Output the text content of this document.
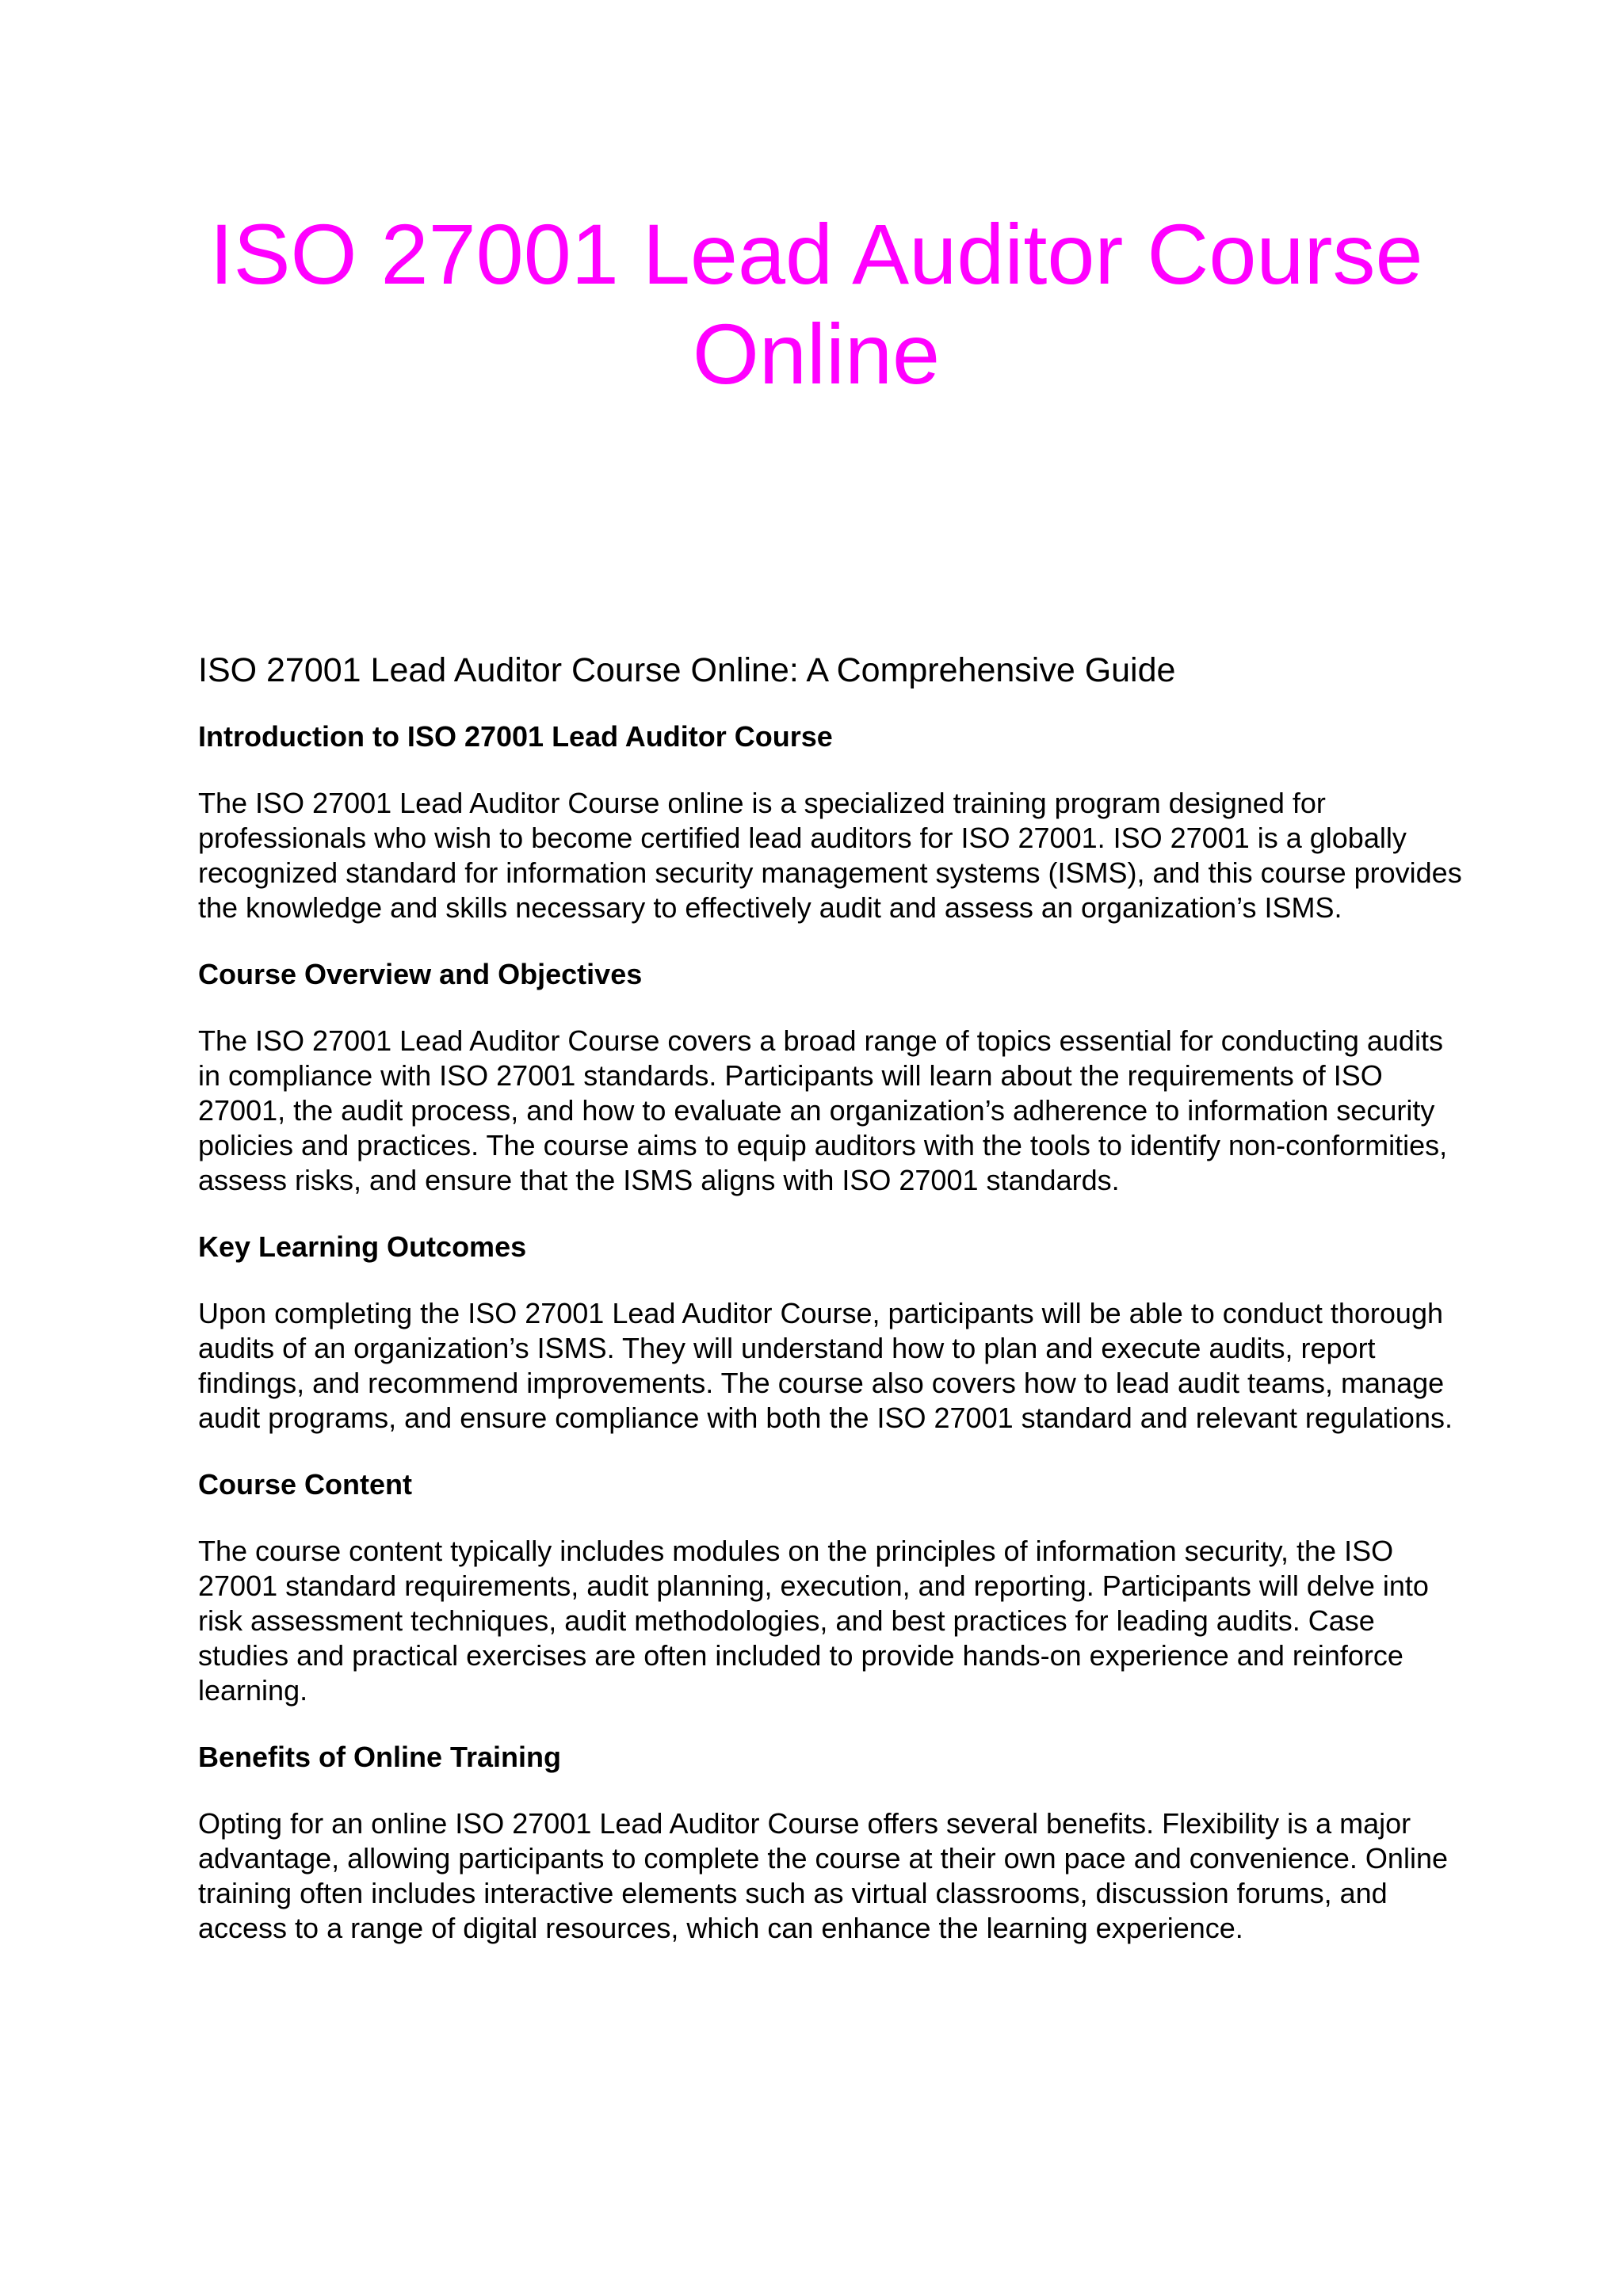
ISO 27001 Lead Auditor Course Online
ISO 27001 Lead Auditor Course Online: A Comprehensive Guide
Introduction to ISO 27001 Lead Auditor Course

The ISO 27001 Lead Auditor Course online is a specialized training program designed for professionals who wish to become certified lead auditors for ISO 27001. ISO 27001 is a globally recognized standard for information security management systems (ISMS), and this course provides the knowledge and skills necessary to effectively audit and assess an organization’s ISMS.

Course Overview and Objectives

The ISO 27001 Lead Auditor Course covers a broad range of topics essential for conducting audits in compliance with ISO 27001 standards. Participants will learn about the requirements of ISO 27001, the audit process, and how to evaluate an organization’s adherence to information security policies and practices. The course aims to equip auditors with the tools to identify non-conformities, assess risks, and ensure that the ISMS aligns with ISO 27001 standards.

Key Learning Outcomes

Upon completing the ISO 27001 Lead Auditor Course, participants will be able to conduct thorough audits of an organization’s ISMS. They will understand how to plan and execute audits, report findings, and recommend improvements. The course also covers how to lead audit teams, manage audit programs, and ensure compliance with both the ISO 27001 standard and relevant regulations.

Course Content

The course content typically includes modules on the principles of information security, the ISO 27001 standard requirements, audit planning, execution, and reporting. Participants will delve into risk assessment techniques, audit methodologies, and best practices for leading audits. Case studies and practical exercises are often included to provide hands-on experience and reinforce learning.

Benefits of Online Training

Opting for an online ISO 27001 Lead Auditor Course offers several benefits. Flexibility is a major advantage, allowing participants to complete the course at their own pace and convenience. Online training often includes interactive elements such as virtual classrooms, discussion forums, and access to a range of digital resources, which can enhance the learning experience.
